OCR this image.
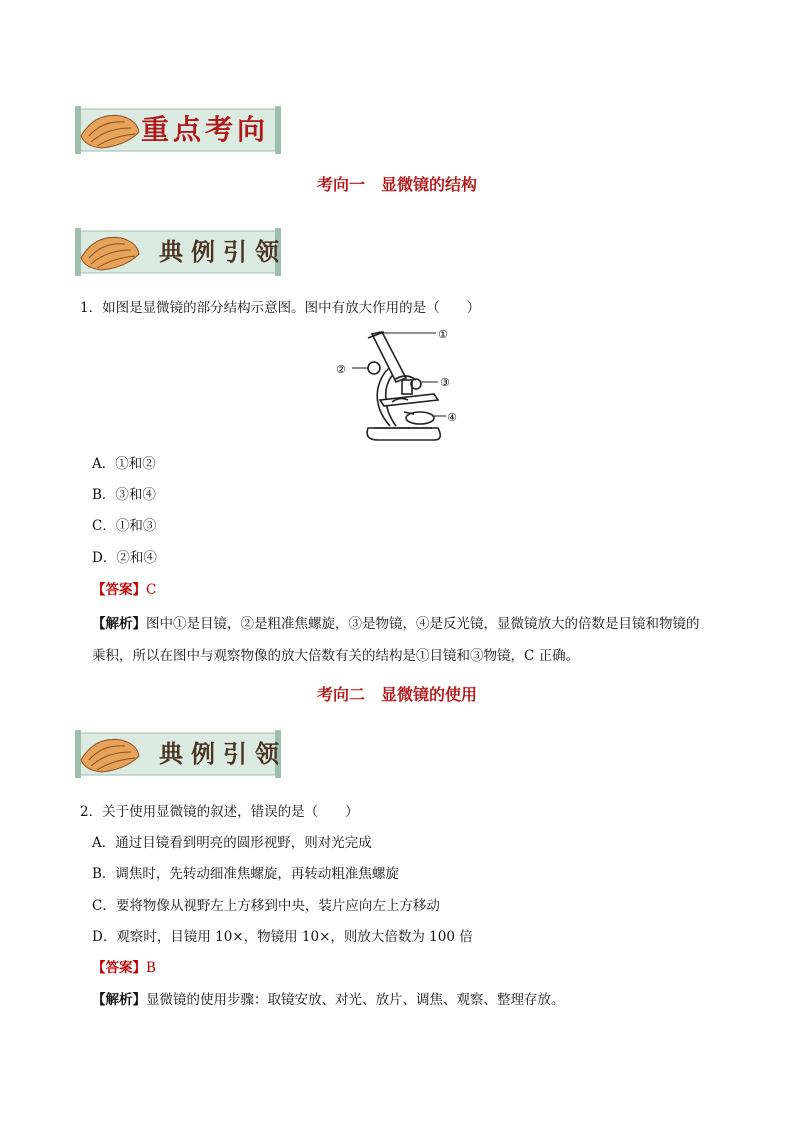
重点考向
考向一　显微镜的结构
典例引领
1．如图是显微镜的部分结构示意图。图中有放大作用的是（　　）
①
②
③
④
A．①和②
B．③和④
C．①和③
D．②和④
【答案】C
【解析】图中①是目镜，②是粗准焦螺旋，③是物镜，④是反光镜，显微镜放大的倍数是目镜和物镜的
乘积，所以在图中与观察物像的放大倍数有关的结构是①目镜和③物镜，C 正确。
考向二　显微镜的使用
典例引领
2．关于使用显微镜的叙述，错误的是（　　）
A．通过目镜看到明亮的圆形视野，则对光完成
B．调焦时，先转动细准焦螺旋，再转动粗准焦螺旋
C．要将物像从视野左上方移到中央，装片应向左上方移动
D．观察时，目镜用 10×，物镜用 10×，则放大倍数为 100 倍
【答案】B
【解析】显微镜的使用步骤：取镜安放、对光、放片、调焦、观察、整理存放。
